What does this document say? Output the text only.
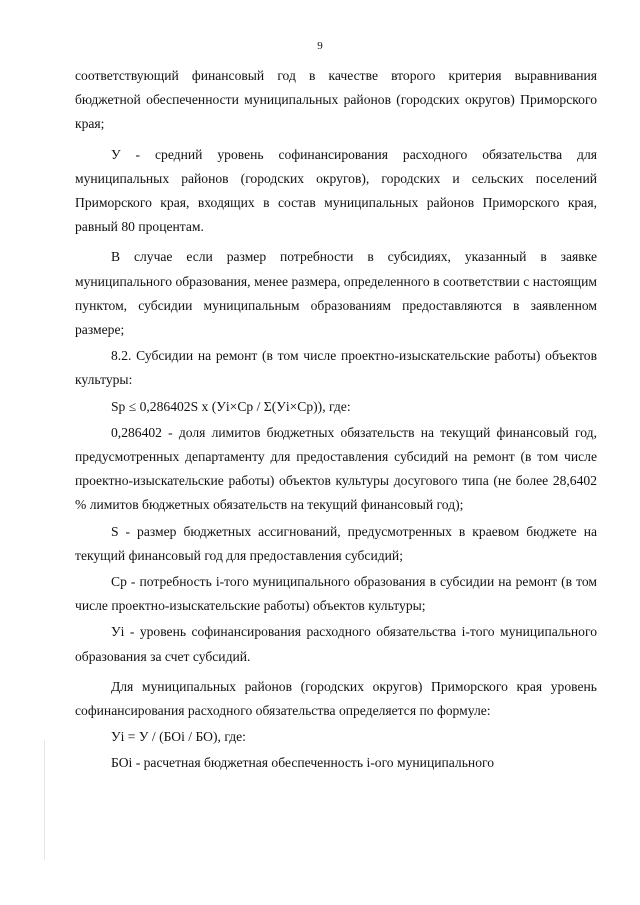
9

соответствующий финансовый год в качестве второго критерия выравнивания бюджетной обеспеченности муниципальных районов (городских округов) Приморского края;

У - средний уровень софинансирования расходного обязательства для муниципальных районов (городских округов), городских и сельских поселений Приморского края, входящих в состав муниципальных районов Приморского края, равный 80 процентам.

В случае если размер потребности в субсидиях, указанный в заявке муниципального образования, менее размера, определенного в соответствии с настоящим пунктом, субсидии муниципальным образованиям предоставляются в заявленном размере;

8.2. Субсидии на ремонт (в том числе проектно-изыскательские работы) объектов культуры:

Sp ≤ 0,286402S x (Уi×Cp / Σ(Уi×Cp)), где:

0,286402 - доля лимитов бюджетных обязательств на текущий финансовый год, предусмотренных департаменту для предоставления субсидий на ремонт (в том числе проектно-изыскательские работы) объектов культуры досугового типа (не более 28,6402 % лимитов бюджетных обязательств на текущий финансовый год);

S - размер бюджетных ассигнований, предусмотренных в краевом бюджете на текущий финансовый год для предоставления субсидий;

Cp - потребность i-того муниципального образования в субсидии на ремонт (в том числе проектно-изыскательские работы) объектов культуры;

Уi - уровень софинансирования расходного обязательства i-того муниципального образования за счет субсидий.

Для муниципальных районов (городских округов) Приморского края уровень софинансирования расходного обязательства определяется по формуле:

Уi = У / (БОi / БО), где:

БОi - расчетная бюджетная обеспеченность i-ого муниципального
